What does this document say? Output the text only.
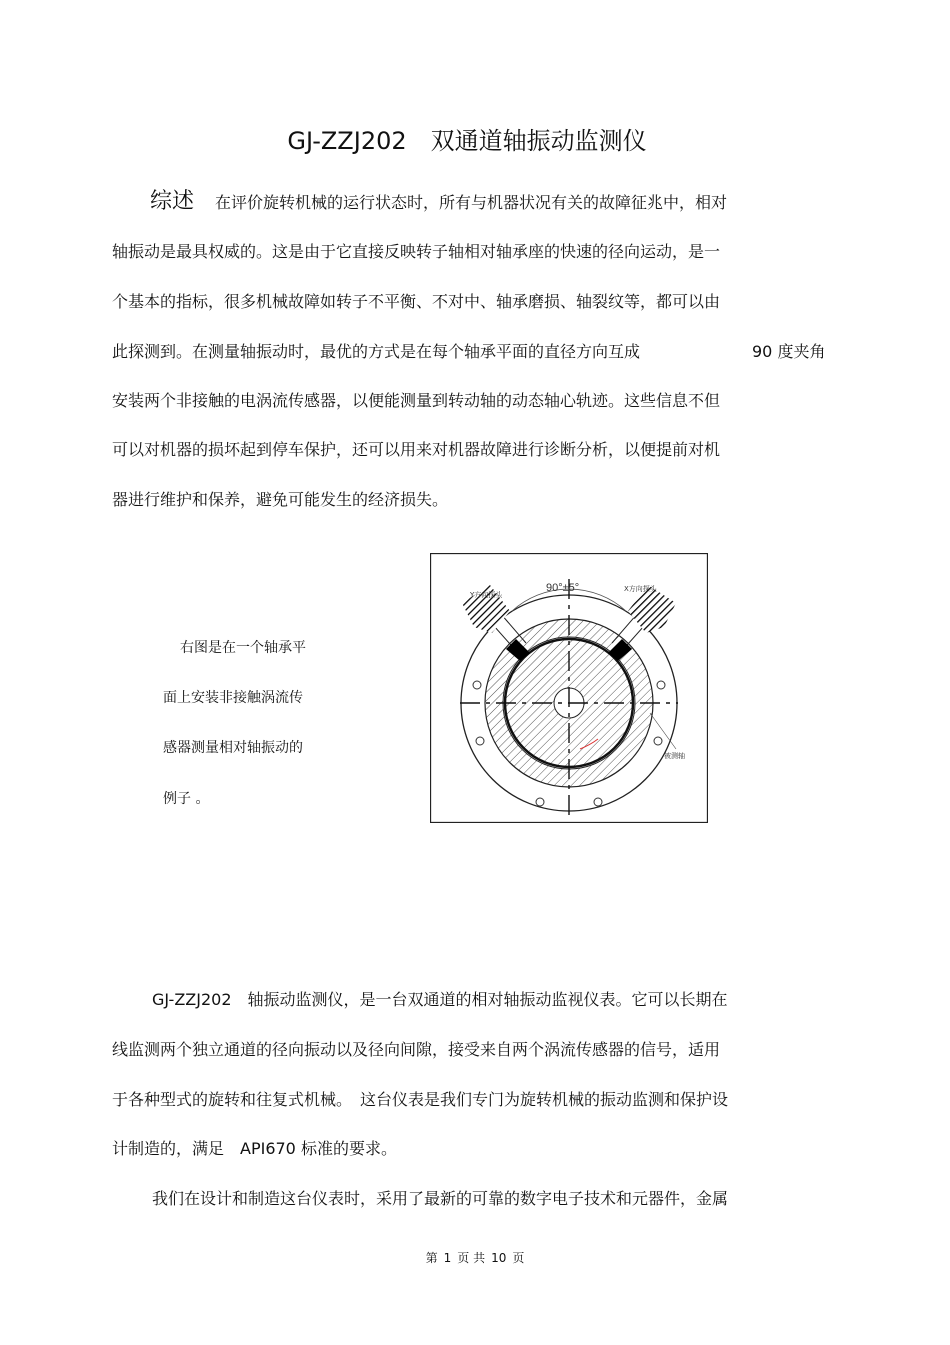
GJ-ZZJ202　双通道轴振动监测仪
综述 在评价旋转机械的运行状态时，所有与机器状况有关的故障征兆中，相对
轴振动是最具权威的。这是由于它直接反映转子轴相对轴承座的快速的径向运动，是一
个基本的指标，很多机械故障如转子不平衡、不对中、轴承磨损、轴裂纹等，都可以由
此探测到。在测量轴振动时，最优的方式是在每个轴承平面的直径方向互成	90 度夹角
安装两个非接触的电涡流传感器，以便能测量到转动轴的动态轴心轨迹。这些信息不但
可以对机器的损坏起到停车保护，还可以用来对机器故障进行诊断分析，以便提前对机
器进行维护和保养，避免可能发生的经济损失。
右图是在一个轴承平
面上安装非接触涡流传
感器测量相对轴振动的
例子 。
90°±5°
Y方向探头
X方向探头
被测轴
GJ-ZZJ202　轴振动监测仪，是一台双通道的相对轴振动监视仪表。它可以长期在
线监测两个独立通道的径向振动以及径向间隙，接受来自两个涡流传感器的信号，适用
于各种型式的旋转和往复式机械。　这台仪表是我们专门为旋转机械的振动监测和保护设
计制造的，满足　API670 标准的要求。
我们在设计和制造这台仪表时，采用了最新的可靠的数字电子技术和元器件，金属
第 1 页 共 10 页
